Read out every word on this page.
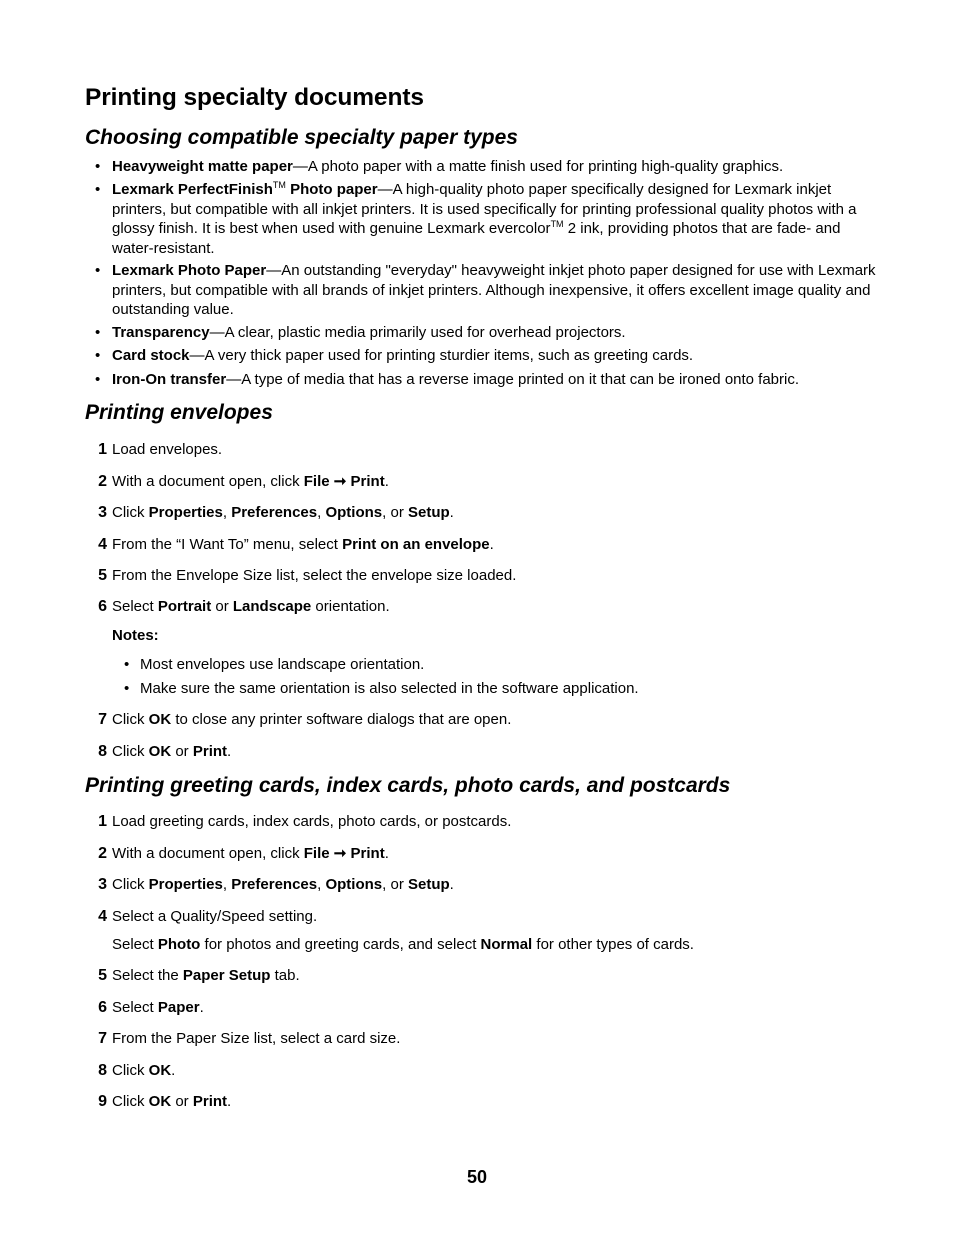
Printing specialty documents
Choosing compatible specialty paper types

• Heavyweight matte paper—A photo paper with a matte finish used for printing high-quality graphics.

• Lexmark PerfectFinish™ Photo paper—A high-quality photo paper specifically designed for Lexmark inkjet printers, but compatible with all inkjet printers. It is used specifically for printing professional quality photos with a glossy finish. It is best when used with genuine Lexmark evercolor™ 2 ink, providing photos that are fade- and water-resistant.

• Lexmark Photo Paper—An outstanding "everyday" heavyweight inkjet photo paper designed for use with Lexmark printers, but compatible with all brands of inkjet printers. Although inexpensive, it offers excellent image quality and outstanding value.

• Transparency—A clear, plastic media primarily used for overhead projectors.

• Card stock—A very thick paper used for printing sturdier items, such as greeting cards.

• Iron-On transfer—A type of media that has a reverse image printed on it that can be ironed onto fabric.

Printing envelopes

1 Load envelopes.

2 With a document open, click File ➞ Print.

3 Click Properties, Preferences, Options, or Setup.

4 From the “I Want To” menu, select Print on an envelope.

5 From the Envelope Size list, select the envelope size loaded.

6 Select Portrait or Landscape orientation.

Notes:

• Most envelopes use landscape orientation.

• Make sure the same orientation is also selected in the software application.

7 Click OK to close any printer software dialogs that are open.

8 Click OK or Print.

Printing greeting cards, index cards, photo cards, and postcards

1 Load greeting cards, index cards, photo cards, or postcards.

2 With a document open, click File ➞ Print.

3 Click Properties, Preferences, Options, or Setup.

4 Select a Quality/Speed setting.

Select Photo for photos and greeting cards, and select Normal for other types of cards.

5 Select the Paper Setup tab.

6 Select Paper.

7 From the Paper Size list, select a card size.

8 Click OK.

9 Click OK or Print.

50
